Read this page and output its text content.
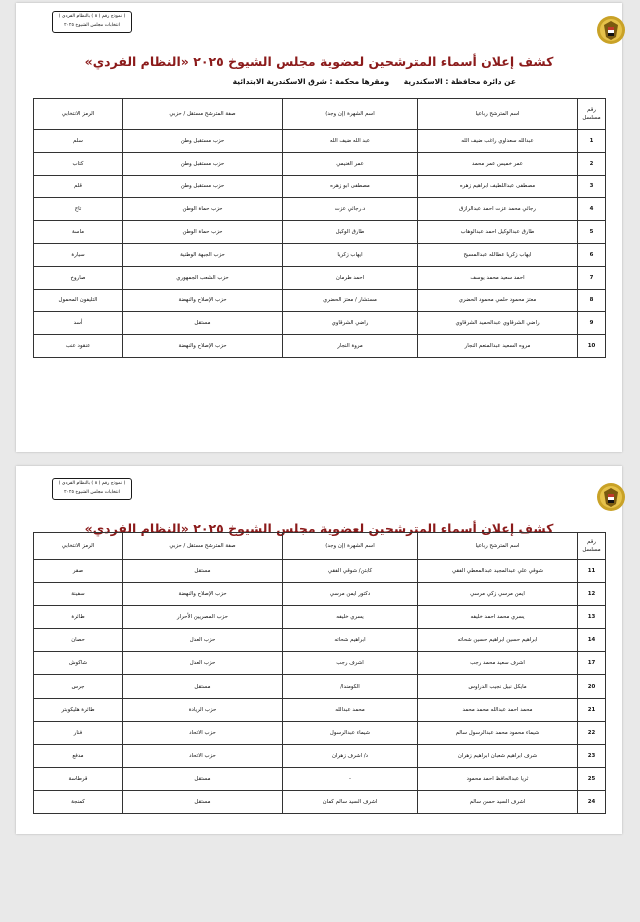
( نموذج رقم ( ٨ ) بالنظام الفردي )
انتخابات مجلس الشيوخ ٢٠٢٥
كشف إعلان أسماء المترشحين لعضوية مجلس الشيوخ ٢٠٢٥ «النظام الفردي»
عن دائرة محافظة : الاسكندرية ومقرها محكمة : شرق الاسكندرية الابتدائية
رقم مسلسل	اسم المترشح رباعيا	اسم الشهرة (إن وجد)	صفة المترشح مستقل / حزبي	الرمز الانتخابي
1	عبدالله سعداوي راغب ضيف الله	عبد الله ضيف الله	حزب مستقبل وطن	سلم
2	عمر خميس عمر محمد	عمر الغنيمي	حزب مستقبل وطن	كتاب
3	مصطفى عبداللطيف ابراهيم زهره	مصطفى ابو زهره	حزب مستقبل وطن	قلم
4	رجائي محمد عزت احمد عبدالرازق	د.رجائي عزت	حزب حماة الوطن	تاج
5	طارق عبدالوكيل احمد عبدالوهاب	طارق الوكيل	حزب حماة الوطن	ماسة
6	ايهاب زكريا عطالله عبدالمسيح	ايهاب زكريا	حزب الجبهة الوطنية	سيارة
7	احمد سعيد محمد يوسف	احمد طرمان	حزب الشعب الجمهوري	صاروخ
8	معتز محمود حلمي محمود الحضري	مستشار / معتز الحضري	حزب الإصلاح والنهضة	التليفون المحمول
9	راضي الشرقاوي عبدالحميد الشرقاوي	راضي الشرقاوي	مستقل	أسد
10	مروه السعيد عبدالمنعم النجار	مروة النجار	حزب الإصلاح والنهضة	عنقود عنب
( نموذج رقم ( ٨ ) بالنظام الفردي )
انتخابات مجلس الشيوخ ٢٠٢٥
كشف إعلان أسماء المترشحين لعضوية مجلس الشيوخ ٢٠٢٥ «النظام الفردي»
رقم مسلسل	اسم المترشح رباعيا	اسم الشهرة (إن وجد)	صفة المترشح مستقل / حزبي	الرمز الانتخابي
11	شوقي علي عبدالمجيد عبدالمعطي الفقي	كابتن/ شوقي الفقي	مستقل	صقر
12	ايمن مرسي زكي مرسي	دكتور ايمن مرسي	حزب الإصلاح والنهضة	سفينة
13	يسري محمد احمد خليفه	يسري خليفه	حزب المصريين الأحرار	طائرة
14	ابراهيم حسين ابراهيم حسين شحاته	ابراهيم شحاته	حزب العدل	حصان
17	اشرف سعيد محمد رجب	اشرف رجب	حزب العدل	شاكوش
20	مايكل نبيل نجيب الدراوس	الكومندا/	مستقل	جرس
21	محمد احمد عبدالله محمد محمد	محمد عبدالله	حزب الريادة	طائرة هليكوبتر
22	شيماء محمود محمد عبدالرسول سالم	شيماء عبدالرسول	حزب الاتحاد	فنار
23	شرف ابراهيم شعبان ابراهيم زهران	د/ اشرف زهران	حزب الاتحاد	مدفع
25	ثريا عبدالحافظ احمد محمود	-	مستقل	قرطاسة
24	اشرف السيد حسن سالم	اشرف السيد سالم كمان	مستقل	كمنجة
